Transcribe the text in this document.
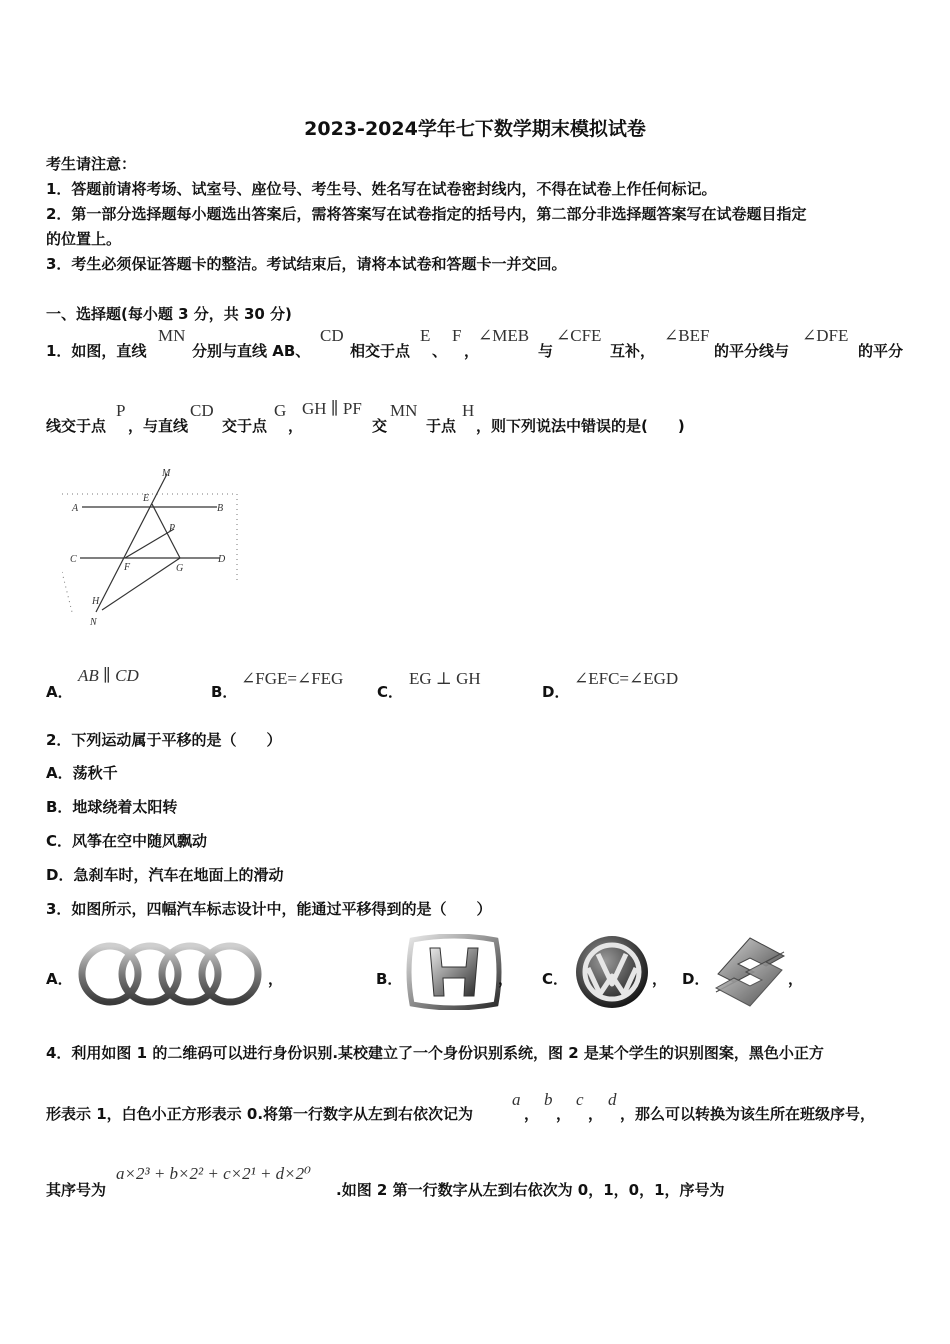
2023-2024学年七下数学期末模拟试卷
考生请注意：
1．答题前请将考场、试室号、座位号、考生号、姓名写在试卷密封线内，不得在试卷上作任何标记。
2．第一部分选择题每小题选出答案后，需将答案写在试卷指定的括号内，第二部分非选择题答案写在试卷题目指定
的位置上。
3．考生必须保证答题卡的整洁。考试结束后，请将本试卷和答题卡一并交回。
一、选择题(每小题 3 分，共 30 分)
1．如图，直线
MN
分别与直线 AB、
CD
相交于点
E
、
F
，
∠MEB
与
∠CFE
互补，
∠BEF
的平分线与
∠DFE
的平分
线交于点
P
，与直线
CD
交于点
G
，
GH ∥ PF
交
MN
于点
H
，则下列说法中错误的是(　　)
M
E
A	B
P
C
F	G
D
H
N
A．
AB ∥ CD
B．
∠FGE=∠FEG
C．
EG ⊥ GH
D．
∠EFC=∠EGD
2．下列运动属于平移的是（　　）
A．荡秋千
B．地球绕着太阳转
C．风筝在空中随风飘动
D．急刹车时，汽车在地面上的滑动
3．如图所示，四幅汽车标志设计中，能通过平移得到的是（　　）
A．	，	B．	， C．	， D．	，
4．利用如图 1 的二维码可以进行身份识别.某校建立了一个身份识别系统，图 2 是某个学生的识别图案，黑色小正方
形表示 1，白色小正方形表示 0.将第一行数字从左到右依次记为
a
，
b
，
c
，
d
，那么可以转换为该生所在班级序号，
其序号为
a×2³ + b×2² + c×2¹ + d×2⁰
.如图 2 第一行数字从左到右依次为 0，1，0，1，序号为
